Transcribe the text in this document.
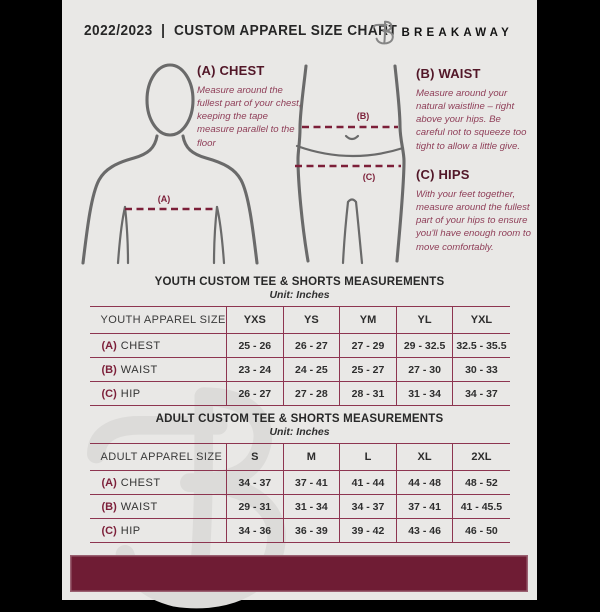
2022/2023  |  CUSTOM APPAREL SIZE CHART BREAKAWAY
(A)
(B)
(C)

(A) CHEST

Measure around the fullest part of your chest, keeping the tape measure parallel to the floor

(B) WAIST

Measure around your natural waistline – right above your hips. Be careful not to squeeze too tight to allow a little give.

(C) HIPS

With your feet together, measure around the fullest part of your hips to ensure you'll have enough room to move comfortably.

YOUTH CUSTOM TEE & SHORTS MEASUREMENTS
Unit: Inches
YOUTH APPAREL SIZE	YXS	YS	YM	YL	YXL
(A) CHEST	25 - 26	26 - 27	27 - 29	29 - 32.5	32.5 - 35.5
(B) WAIST	23 - 24	24 - 25	25 - 27	27 - 30	30 - 33
(C) HIP	26 - 27	27 - 28	28 - 31	31 - 34	34 - 37
ADULT CUSTOM TEE & SHORTS MEASUREMENTS
Unit: Inches
ADULT APPAREL SIZE	S	M	L	XL	2XL
(A) CHEST	34 - 37	37 - 41	41 - 44	44 - 48	48 - 52
(B) WAIST	29 - 31	31 - 34	34 - 37	37 - 41	41 - 45.5
(C) HIP	34 - 36	36 - 39	39 - 42	43 - 46	46 - 50
